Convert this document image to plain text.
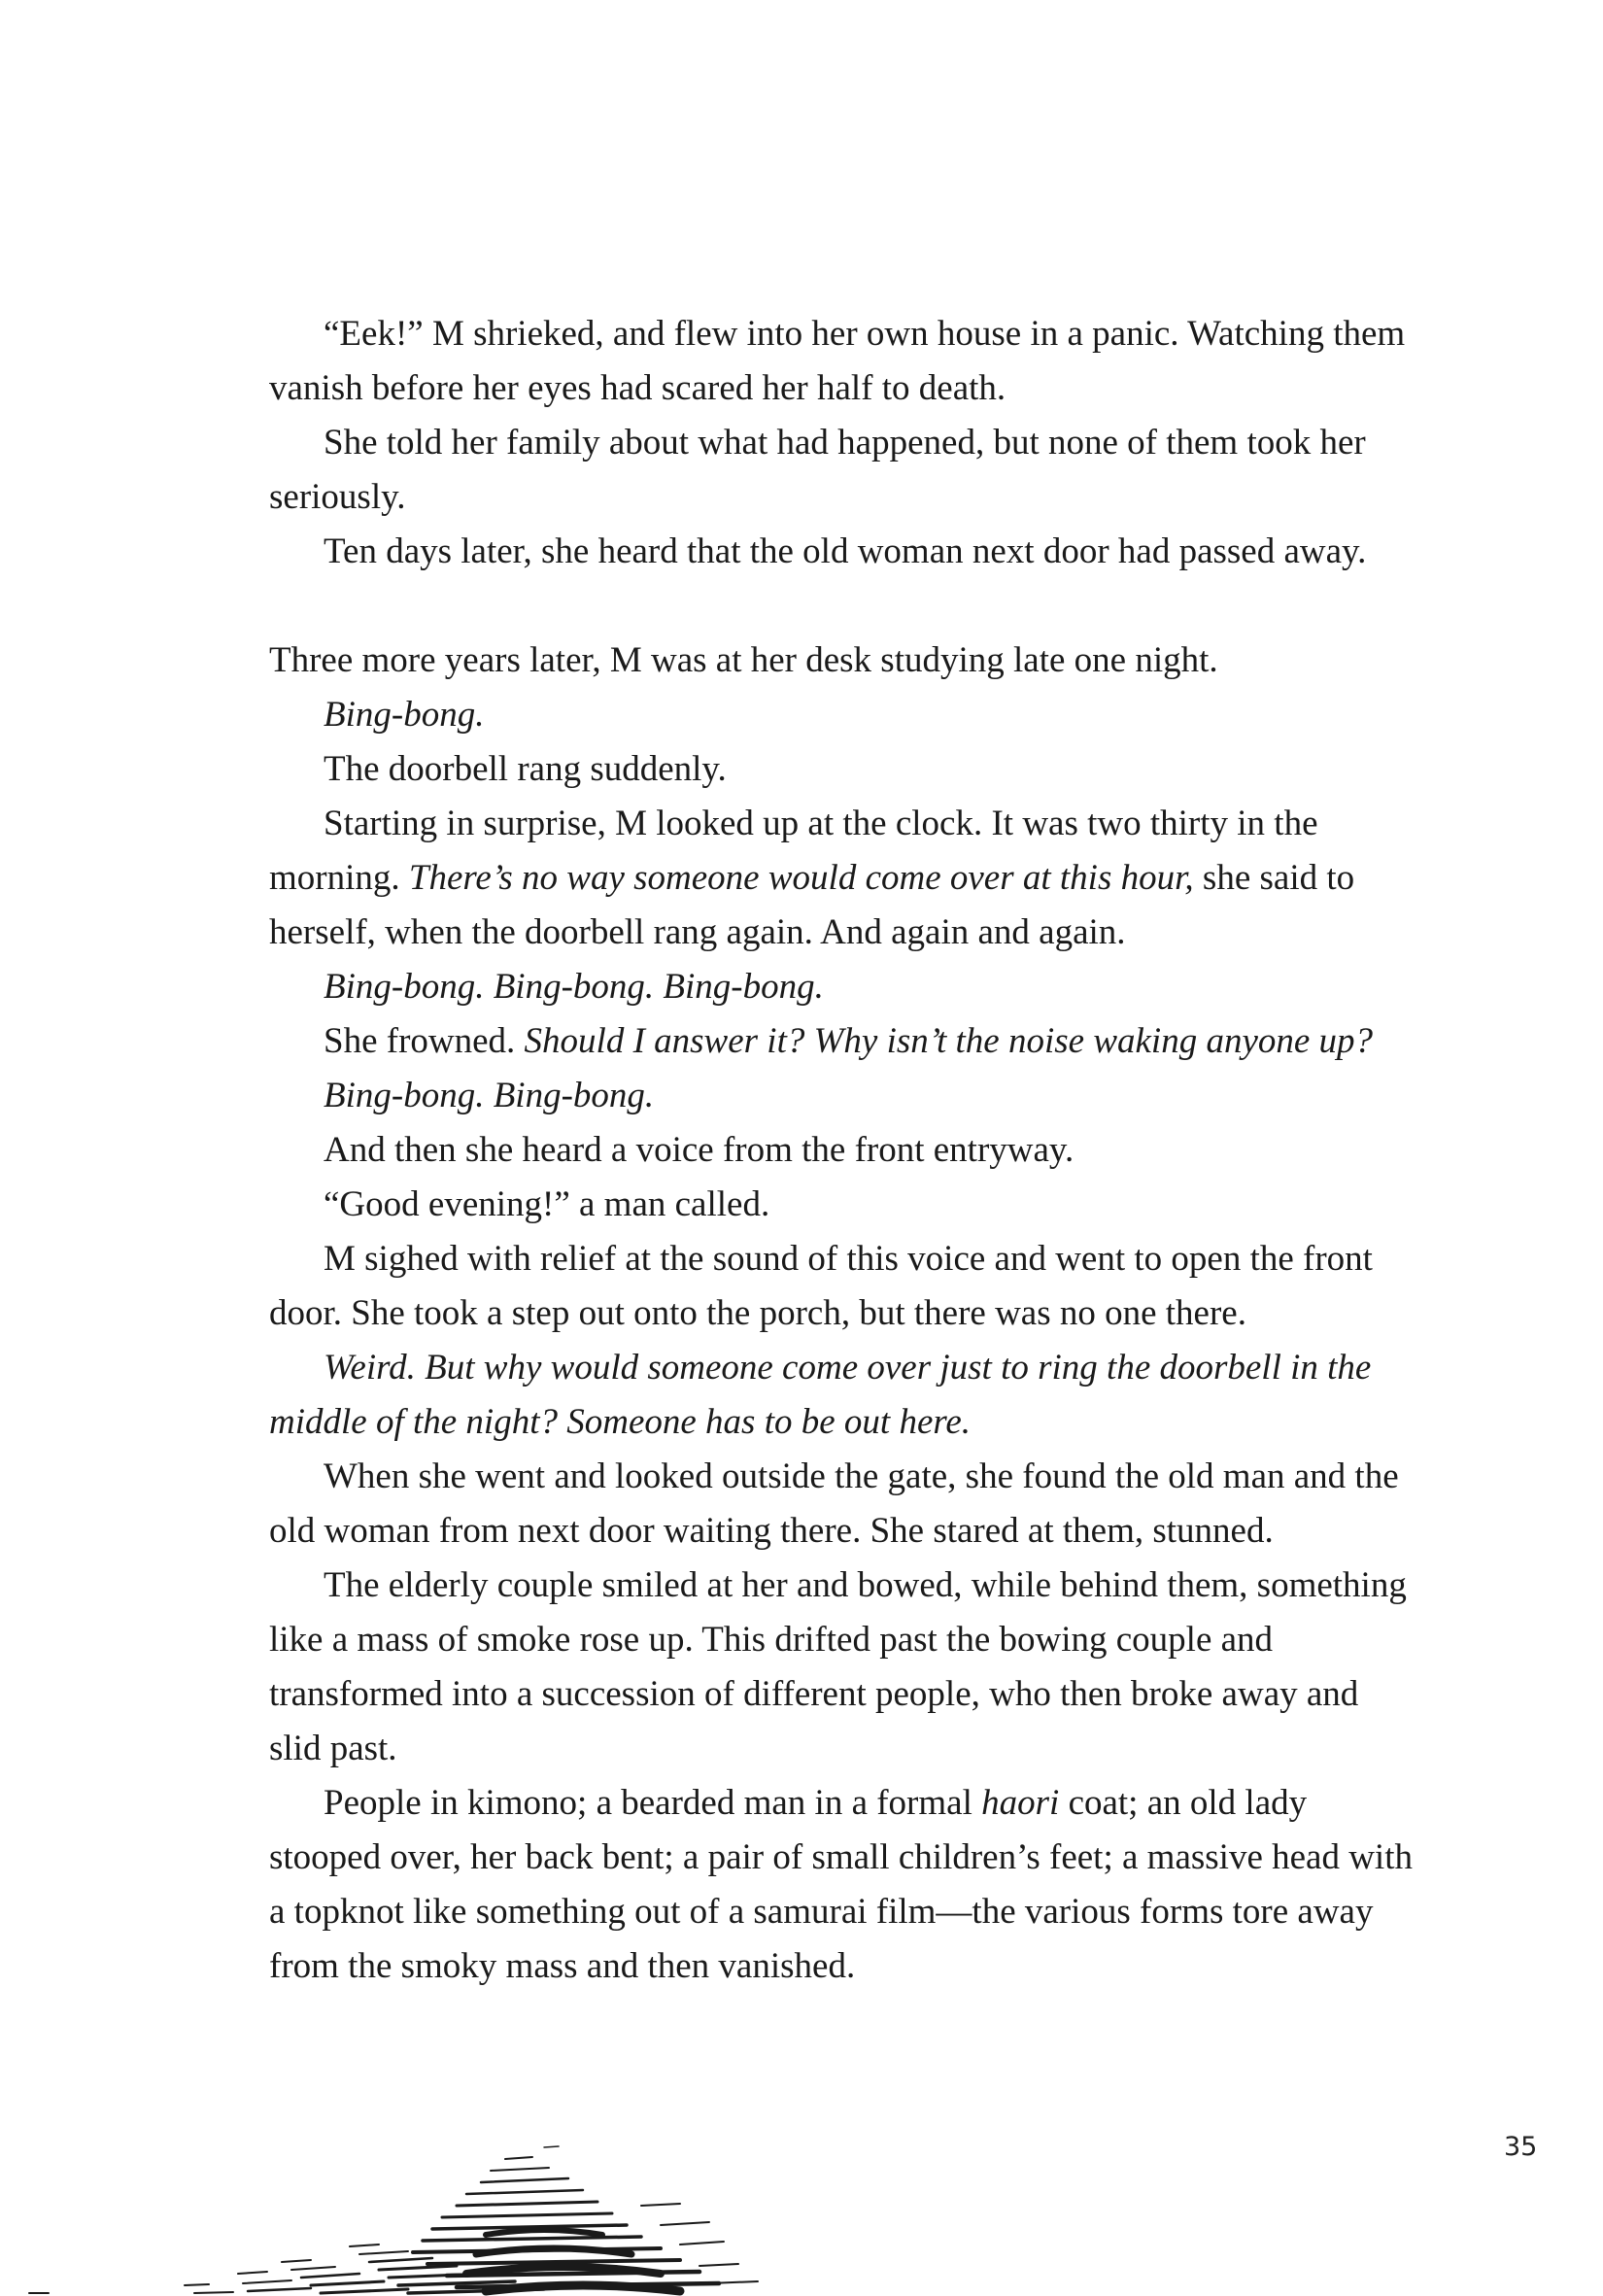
“Eek!” M shrieked, and flew into her own house in a panic. Watching them vanish before her eyes had scared her half to death.

She told her family about what had happened, but none of them took her seriously.

Ten days later, she heard that the old woman next door had passed away.

Three more years later, M was at her desk studying late one night.

Bing-bong.

The doorbell rang suddenly.

Starting in surprise, M looked up at the clock. It was two thirty in the morning. There’s no way someone would come over at this hour, she said to herself, when the doorbell rang again. And again and again.

Bing-bong. Bing-bong. Bing-bong.

She frowned. Should I answer it? Why isn’t the noise waking anyone up?

Bing-bong. Bing-bong.

And then she heard a voice from the front entryway.

“Good evening!” a man called.

M sighed with relief at the sound of this voice and went to open the front door. She took a step out onto the porch, but there was no one there.

Weird. But why would someone come over just to ring the doorbell in the middle of the night? Someone has to be out here.

When she went and looked outside the gate, she found the old man and the old woman from next door waiting there. She stared at them, stunned.

The elderly couple smiled at her and bowed, while behind them, something like a mass of smoke rose up. This drifted past the bowing couple and transformed into a succession of different people, who then broke away and slid past.

People in kimono; a bearded man in a formal haori coat; an old lady stooped over, her back bent; a pair of small children’s feet; a massive head with a topknot like something out of a samurai film—the various forms tore away from the smoky mass and then vanished.

35
